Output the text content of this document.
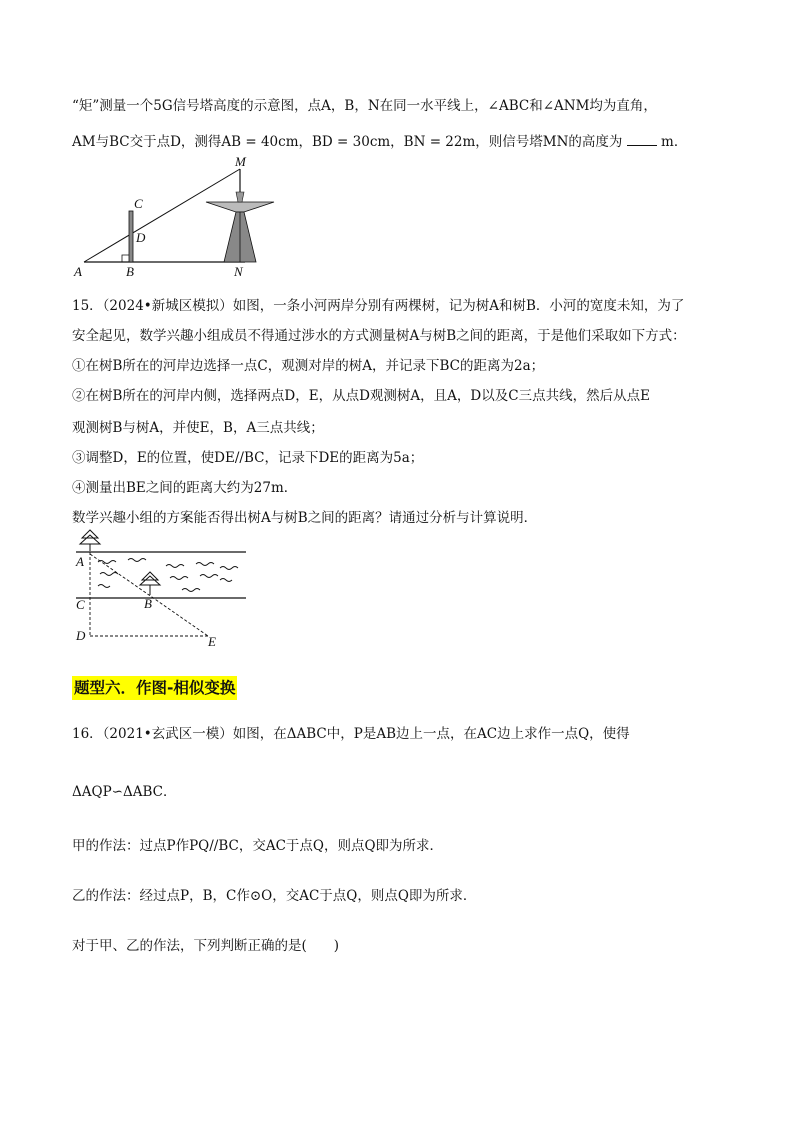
“矩”测量一个5G信号塔高度的示意图，点A，B，N在同一水平线上，∠ABC和∠ANM均为直角，
AM与BC交于点D，测得AB = 40cm，BD = 30cm，BN = 22m，则信号塔MN的高度为	m．
M
C
D
A	B	N
15．（2024•新城区模拟）如图，一条小河两岸分别有两棵树，记为树A和树B．小河的宽度未知，为了
安全起见，数学兴趣小组成员不得通过涉水的方式测量树A与树B之间的距离，于是他们采取如下方式：
①在树B所在的河岸边选择一点C，观测对岸的树A，并记录下BC的距离为2a；
②在树B所在的河岸内侧，选择两点D，E，从点D观测树A，且A，D以及C三点共线，然后从点E
观测树B与树A，并使E，B，A三点共线；
③调整D，E的位置，使DE//BC，记录下DE的距离为5a；
④测量出BE之间的距离大约为27m．
数学兴趣小组的方案能否得出树A与树B之间的距离？请通过分析与计算说明．
A
B
C
D	E
题型六．作图-相似变换
16．（2021•玄武区一模）如图，在ΔABC中，P是AB边上一点，在AC边上求作一点Q，使得
ΔAQP∽ΔABC．
甲的作法：过点P作PQ//BC，交AC于点Q，则点Q即为所求．
乙的作法：经过点P，B，C作⊙O，交AC于点Q，则点Q即为所求．
对于甲、乙的作法，下列判断正确的是(　　)
